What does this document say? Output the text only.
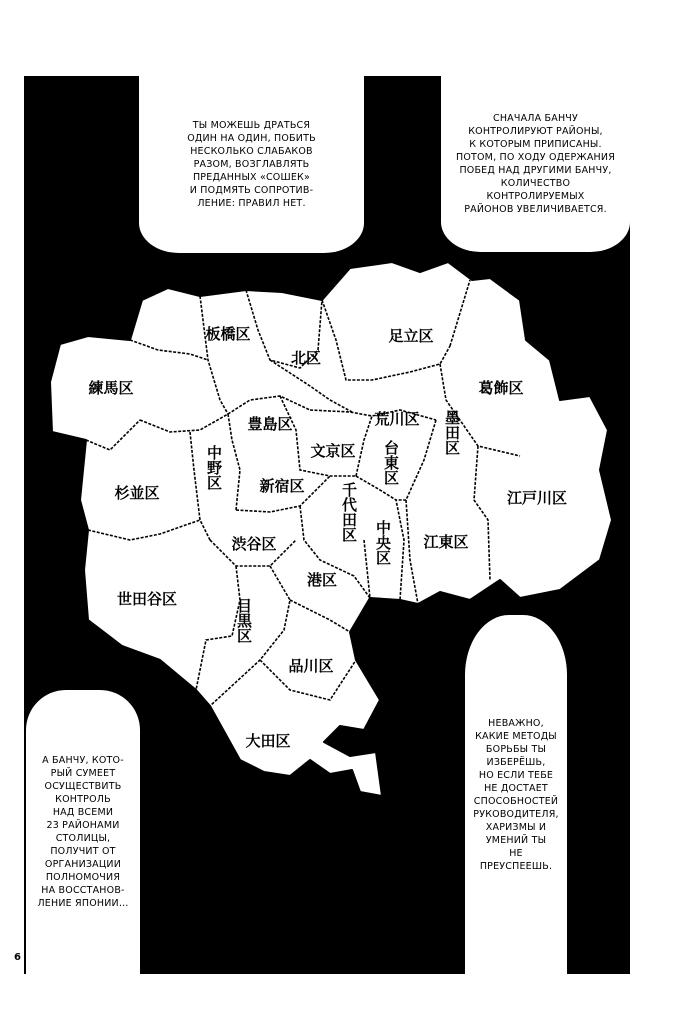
板橋区
北区
足立区
練馬区	葛飾区
豊島区	荒川区 墨田区
中野区	文京区 台東区
杉並区	新宿区 千代田区	江戸川区
渋谷区	中央区 江東区
世田谷区
港区
目黒区
品川区
大田区
ТЫ МОЖЕШЬ ДРАТЬСЯ
ОДИН НА ОДИН, ПОБИТЬ
НЕСКОЛЬКО СЛАБАКОВ
РАЗОМ, ВОЗГЛАВЛЯТЬ
ПРЕДАННЫХ «СОШЕК»
И ПОДМЯТЬ СОПРОТИВ-
ЛЕНИЕ: ПРАВИЛ НЕТ.
СНАЧАЛА БАНЧУ
КОНТРОЛИРУЮТ РАЙОНЫ,
К КОТОРЫМ ПРИПИСАНЫ.
ПОТОМ, ПО ХОДУ ОДЕРЖАНИЯ
ПОБЕД НАД ДРУГИМИ БАНЧУ,
КОЛИЧЕСТВО КОНТРОЛИРУЕМЫХ
РАЙОНОВ УВЕЛИЧИВАЕТСЯ.
А БАНЧУ, КОТО-
РЫЙ СУМЕЕТ
ОСУЩЕСТВИТЬ
КОНТРОЛЬ
НАД ВСЕМИ
23 РАЙОНАМИ
СТОЛИЦЫ,
ПОЛУЧИТ ОТ
ОРГАНИЗАЦИИ
ПОЛНОМОЧИЯ
НА ВОССТАНОВ-
ЛЕНИЕ ЯПОНИИ…
НЕВАЖНО,
КАКИЕ МЕТОДЫ
БОРЬБЫ ТЫ
ИЗБЕРЁШЬ,
НО ЕСЛИ ТЕБЕ
НЕ ДОСТАЕТ
СПОСОБНОСТЕЙ
РУКОВОДИТЕЛЯ,
ХАРИЗМЫ И
УМЕНИЙ ТЫ
НЕ ПРЕУСПЕЕШЬ.
6
